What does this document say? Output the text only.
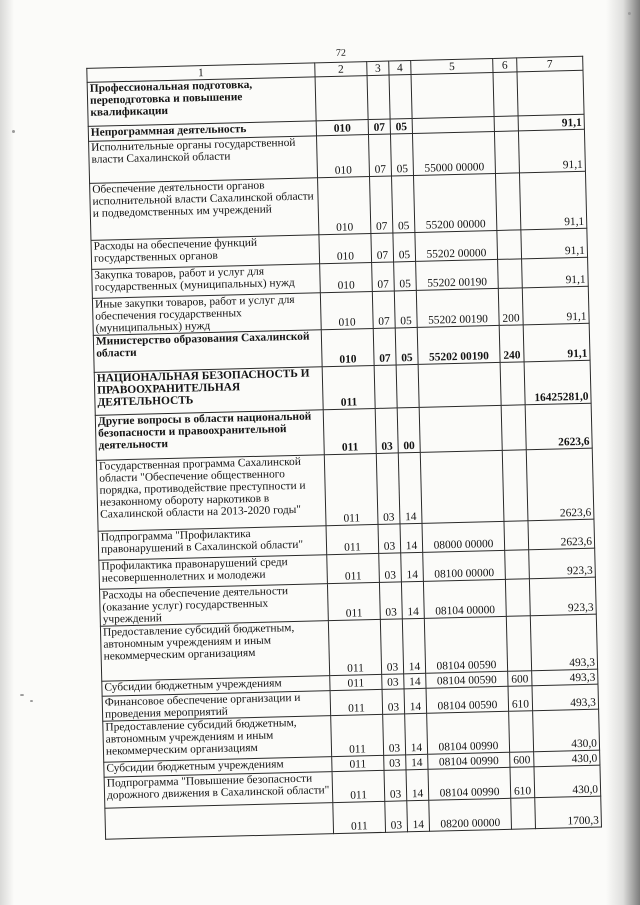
72
1	2	3	4	5	6	7
Профессиональная подготовка, переподготовка и повышение квалификации						
Непрограммная деятельность	010	07	05			91,1
Исполнительные органы государственной власти Сахалинской области	010	07	05	55000 00000		91,1
Обеспечение деятельности органов исполнительной власти Сахалинской области и подведомственных им учреждений	010	07	05	55200 00000		91,1
Расходы на обеспечение функций государственных органов	010	07	05	55202 00000		91,1
Закупка товаров, работ и услуг для государственных (муниципальных) нужд	010	07	05	55202 00190		91,1
Иные закупки товаров, работ и услуг для обеспечения государственных (муниципальных) нужд	010	07	05	55202 00190	200	91,1
Министерство образования Сахалинской области	010	07	05	55202 00190	240	91,1
НАЦИОНАЛЬНАЯ БЕЗОПАСНОСТЬ И ПРАВООХРАНИТЕЛЬНАЯ ДЕЯТЕЛЬНОСТЬ	011					16425281,0
Другие вопросы в области национальной безопасности и правоохранительной деятельности	011	03	00			2623,6
Государственная программа Сахалинской области "Обеспечение общественного порядка, противодействие преступности и незаконному обороту наркотиков в Сахалинской области на 2013-2020 годы"	011	03	14			2623,6
Подпрограмма "Профилактика правонарушений в Сахалинской области"	011	03	14	08000 00000		2623,6
Профилактика правонарушений среди несовершеннолетних и молодежи	011	03	14	08100 00000		923,3
Расходы на обеспечение деятельности (оказание услуг) государственных учреждений	011	03	14	08104 00000		923,3
Предоставление субсидий бюджетным, автономным учреждениям и иным некоммерческим организациям	011	03	14	08104 00590		493,3
Субсидии бюджетным учреждениям	011	03	14	08104 00590	600	493,3
Финансовое обеспечение организации и проведения мероприятий	011	03	14	08104 00590	610	493,3
Предоставление субсидий бюджетным, автономным учреждениям и иным некоммерческим организациям	011	03	14	08104 00990		430,0
Субсидии бюджетным учреждениям	011	03	14	08104 00990	600	430,0
Подпрограмма "Повышение безопасности дорожного движения в Сахалинской области"	011	03	14	08104 00990	610	430,0
	011	03	14	08200 00000		1700,3
